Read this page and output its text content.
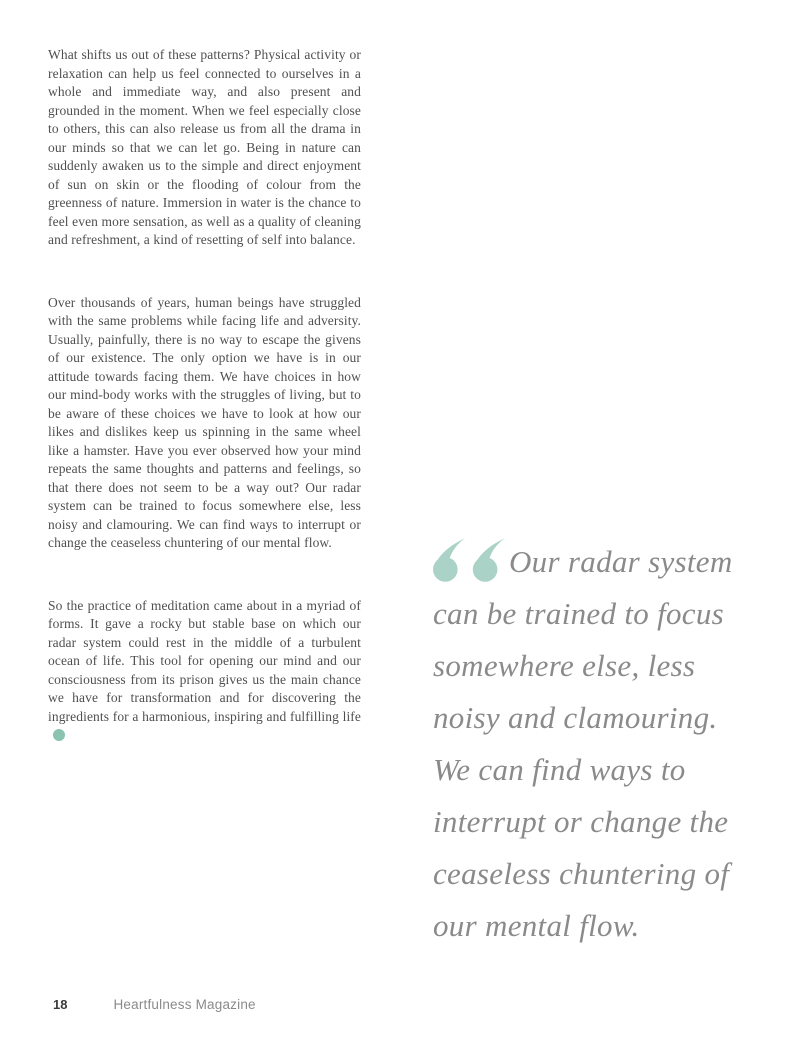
What shifts us out of these patterns? Physical activity or relaxation can help us feel connected to ourselves in a whole and immediate way, and also present and grounded in the moment. When we feel especially close to others, this can also release us from all the drama in our minds so that we can let go. Being in nature can suddenly awaken us to the simple and direct enjoyment of sun on skin or the flooding of colour from the greenness of nature. Immersion in water is the chance to feel even more sensation, as well as a quality of cleaning and refreshment, a kind of resetting of self into balance.

Over thousands of years, human beings have struggled with the same problems while facing life and adversity. Usually, painfully, there is no way to escape the givens of our existence. The only option we have is in our attitude towards facing them. We have choices in how our mind-body works with the struggles of living, but to be aware of these choices we have to look at how our likes and dislikes keep us spinning in the same wheel like a hamster. Have you ever observed how your mind repeats the same thoughts and patterns and feelings, so that there does not seem to be a way out? Our radar system can be trained to focus somewhere else, less noisy and clamouring. We can find ways to interrupt or change the ceaseless chuntering of our mental flow.

So the practice of meditation came about in a myriad of forms. It gave a rocky but stable base on which our radar system could rest in the middle of a turbulent ocean of life. This tool for opening our mind and our consciousness from its prison gives us the main chance we have for transformation and for discovering the ingredients for a harmonious, inspiring and fulfilling life

Our radar system
can be trained to focus
somewhere else, less
noisy and clamouring.
We can find ways to
interrupt or change the
ceaseless chuntering of
our mental flow.
18	Heartfulness Magazine
